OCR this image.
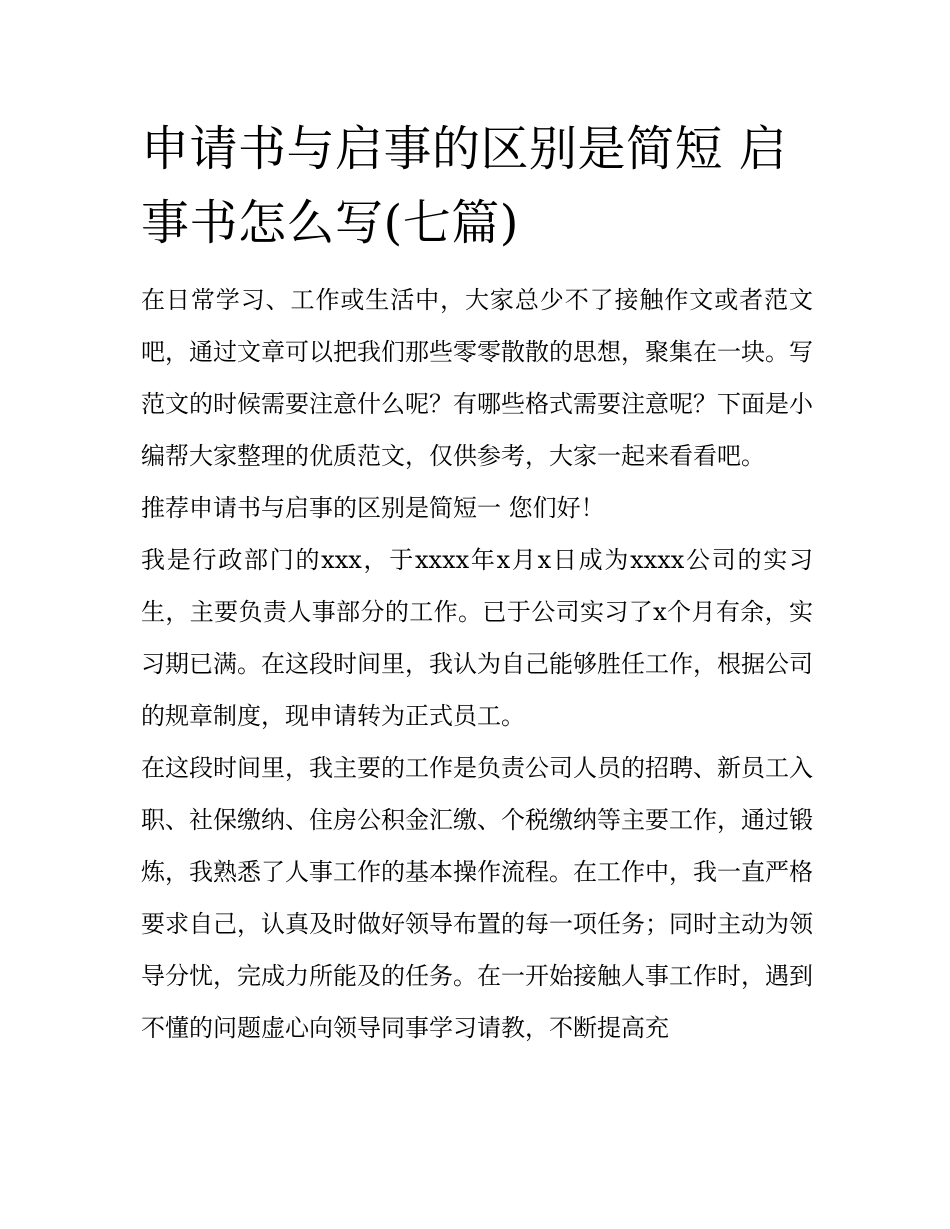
申请书与启事的区别是简短 启事书怎么写(七篇)

在日常学习、工作或生活中，大家总少不了接触作文或者范文吧，通过文章可以把我们那些零零散散的思想，聚集在一块。写范文的时候需要注意什么呢？有哪些格式需要注意呢？下面是小编帮大家整理的优质范文，仅供参考，大家一起来看看吧。

推荐申请书与启事的区别是简短一 您们好！

我是行政部门的xxx，于xxxx年x月x日成为xxxx公司的实习生，主要负责人事部分的工作。已于公司实习了x个月有余，实习期已满。在这段时间里，我认为自己能够胜任工作，根据公司的规章制度，现申请转为正式员工。

在这段时间里，我主要的工作是负责公司人员的招聘、新员工入职、社保缴纳、住房公积金汇缴、个税缴纳等主要工作，通过锻炼，我熟悉了人事工作的基本操作流程。在工作中，我一直严格要求自己，认真及时做好领导布置的每一项任务；同时主动为领导分忧，完成力所能及的任务。在一开始接触人事工作时，遇到不懂的问题虚心向领导同事学习请教，不断提高充
